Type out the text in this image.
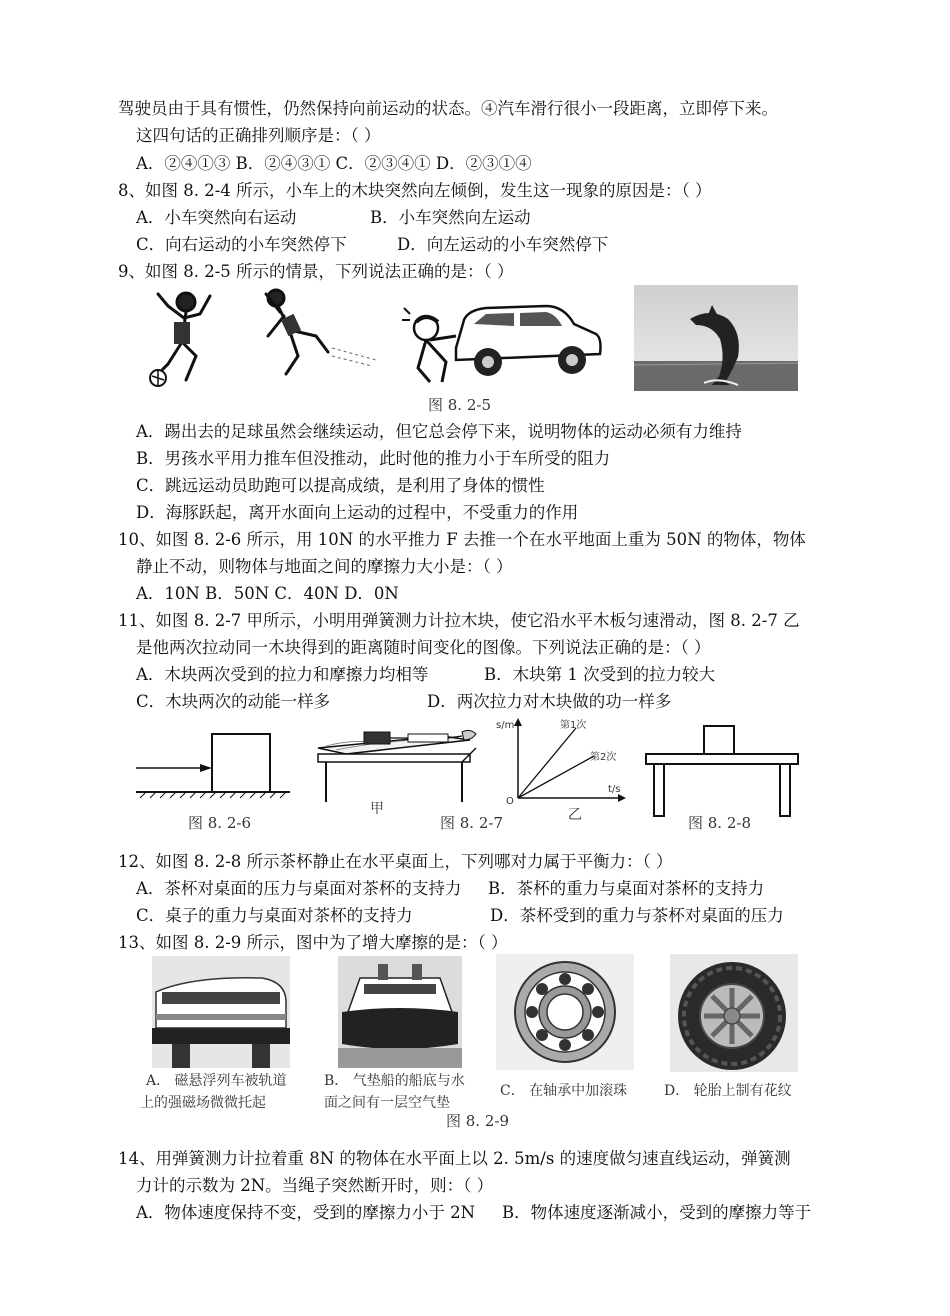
驾驶员由于具有惯性，仍然保持向前运动的状态。④汽车滑行很小一段距离，立即停下来。
这四句话的正确排列顺序是：（ ）
A．②④①③ B．②④③① C．②③④① D．②③①④
8、如图 8. 2-4 所示，小车上的木块突然向左倾倒，发生这一现象的原因是：（ ）
A．小车突然向右运动	B．小车突然向左运动
C．向右运动的小车突然停下	D．向左运动的小车突然停下
9、如图 8. 2-5 所示的情景，下列说法正确的是：（ ）
图 8. 2-5
A．踢出去的足球虽然会继续运动，但它总会停下来，说明物体的运动必须有力维持
B．男孩水平用力推车但没推动，此时他的推力小于车所受的阻力
C．跳远运动员助跑可以提高成绩，是利用了身体的惯性
D．海豚跃起，离开水面向上运动的过程中，不受重力的作用
10、如图 8. 2-6 所示，用 10N 的水平推力 F 去推一个在水平地面上重为 50N 的物体，物体
静止不动，则物体与地面之间的摩擦力大小是：（ ）
A．10N B．50N C．40N D．0N
11、如图 8. 2-7 甲所示，小明用弹簧测力计拉木块，使它沿水平木板匀速滑动，图 8. 2-7 乙
是他两次拉动同一木块得到的距离随时间变化的图像。下列说法正确的是：（ ）
A．木块两次受到的拉力和摩擦力均相等	B．木块第 1 次受到的拉力较大
C．木块两次的动能一样多	D．两次拉力对木块做的功一样多
甲
s/m
t/s
O
第1次
第2次
乙
图 8. 2-6	图 8. 2-7	图 8. 2-8
12、如图 8. 2-8 所示茶杯静止在水平桌面上，下列哪对力属于平衡力：（ ）
A．茶杯对桌面的压力与桌面对茶杯的支持力 B．茶杯的重力与桌面对茶杯的支持力
C．桌子的重力与桌面对茶杯的支持力	D．茶杯受到的重力与茶杯对桌面的压力
13、如图 8. 2-9 所示，图中为了增大摩擦的是：（ ）
A． 磁悬浮列车被轨道
上的强磁场微微托起
B． 气垫船的船底与水
面之间有一层空气垫
C． 在轴承中加滚珠	D． 轮胎上制有花纹
图 8. 2-9
14、用弹簧测力计拉着重 8N 的物体在水平面上以 2. 5m/s 的速度做匀速直线运动，弹簧测
力计的示数为 2N。当绳子突然断开时，则：（ ）
A．物体速度保持不变，受到的摩擦力小于 2N B．物体速度逐渐减小，受到的摩擦力等于
